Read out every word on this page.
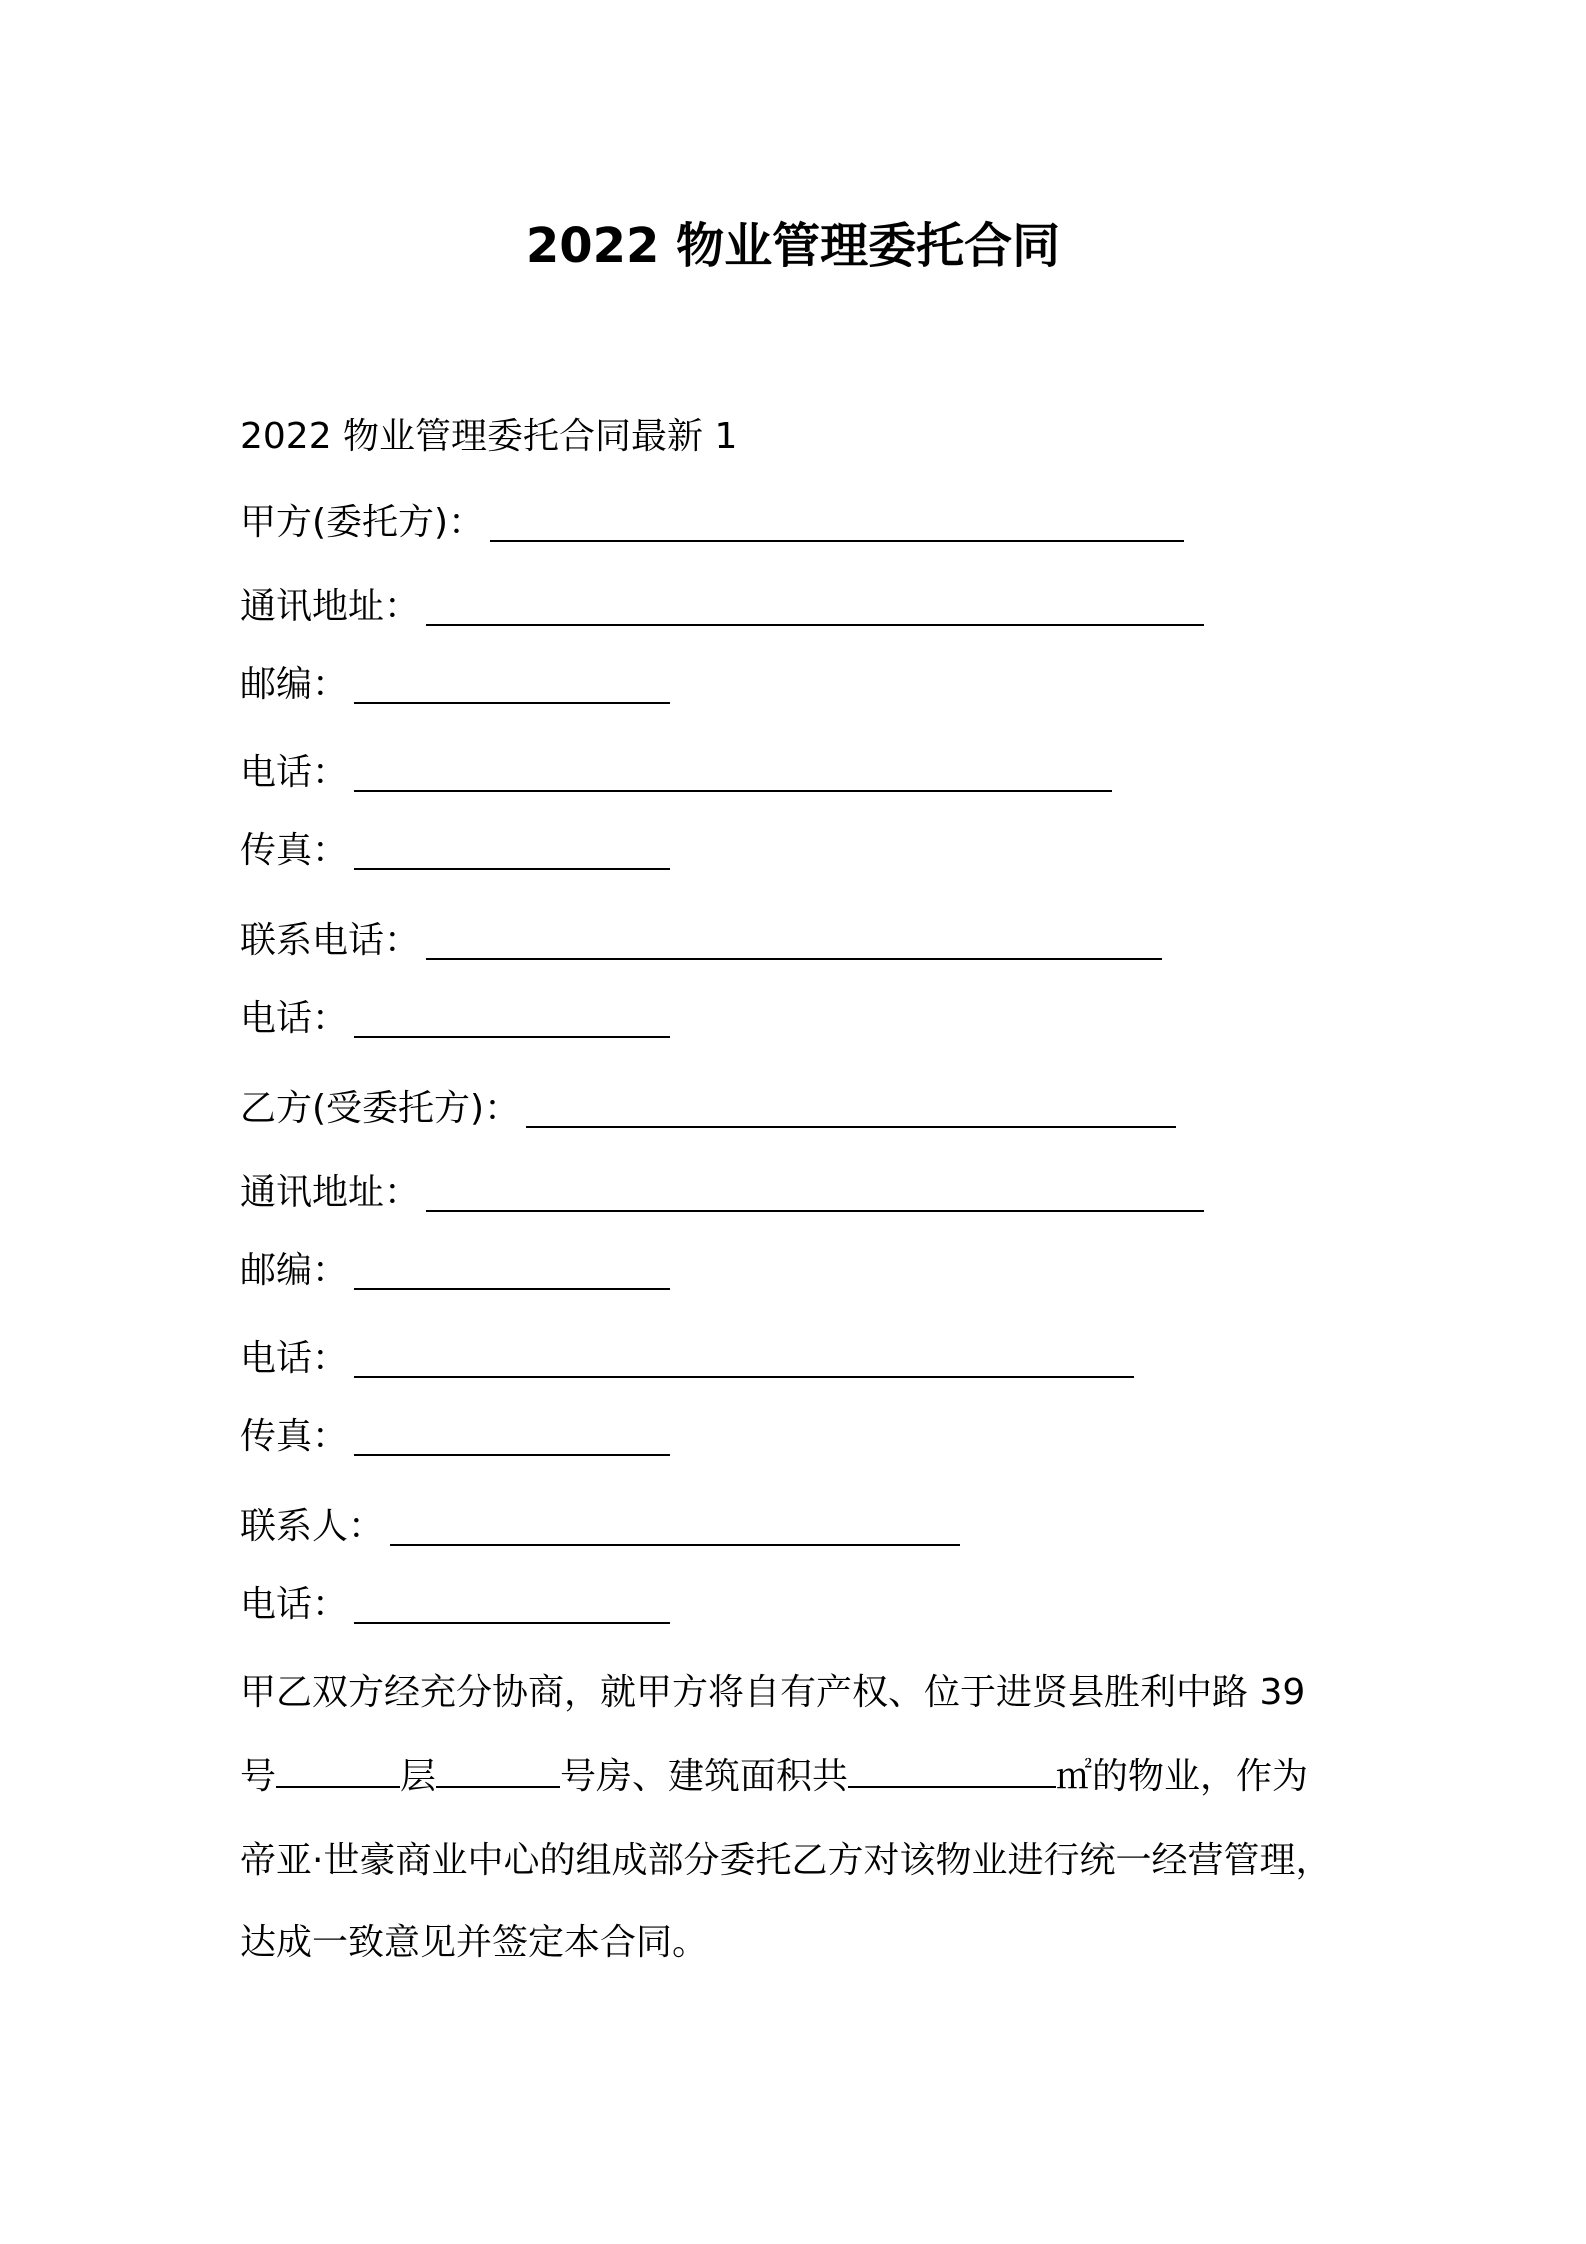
2022 物业管理委托合同
2022 物业管理委托合同最新 1
甲方(委托方)：
通讯地址：
邮编：
电话：
传真：
联系电话：
电话：
乙方(受委托方)：
通讯地址：
邮编：
电话：
传真：
联系人：
电话：
甲乙双方经充分协商，就甲方将自有产权、位于进贤县胜利中路 39
号	层	号房、建筑面积共	㎡的物业，作为
帝亚·世豪商业中心的组成部分委托乙方对该物业进行统一经营管理，
达成一致意见并签定本合同。
